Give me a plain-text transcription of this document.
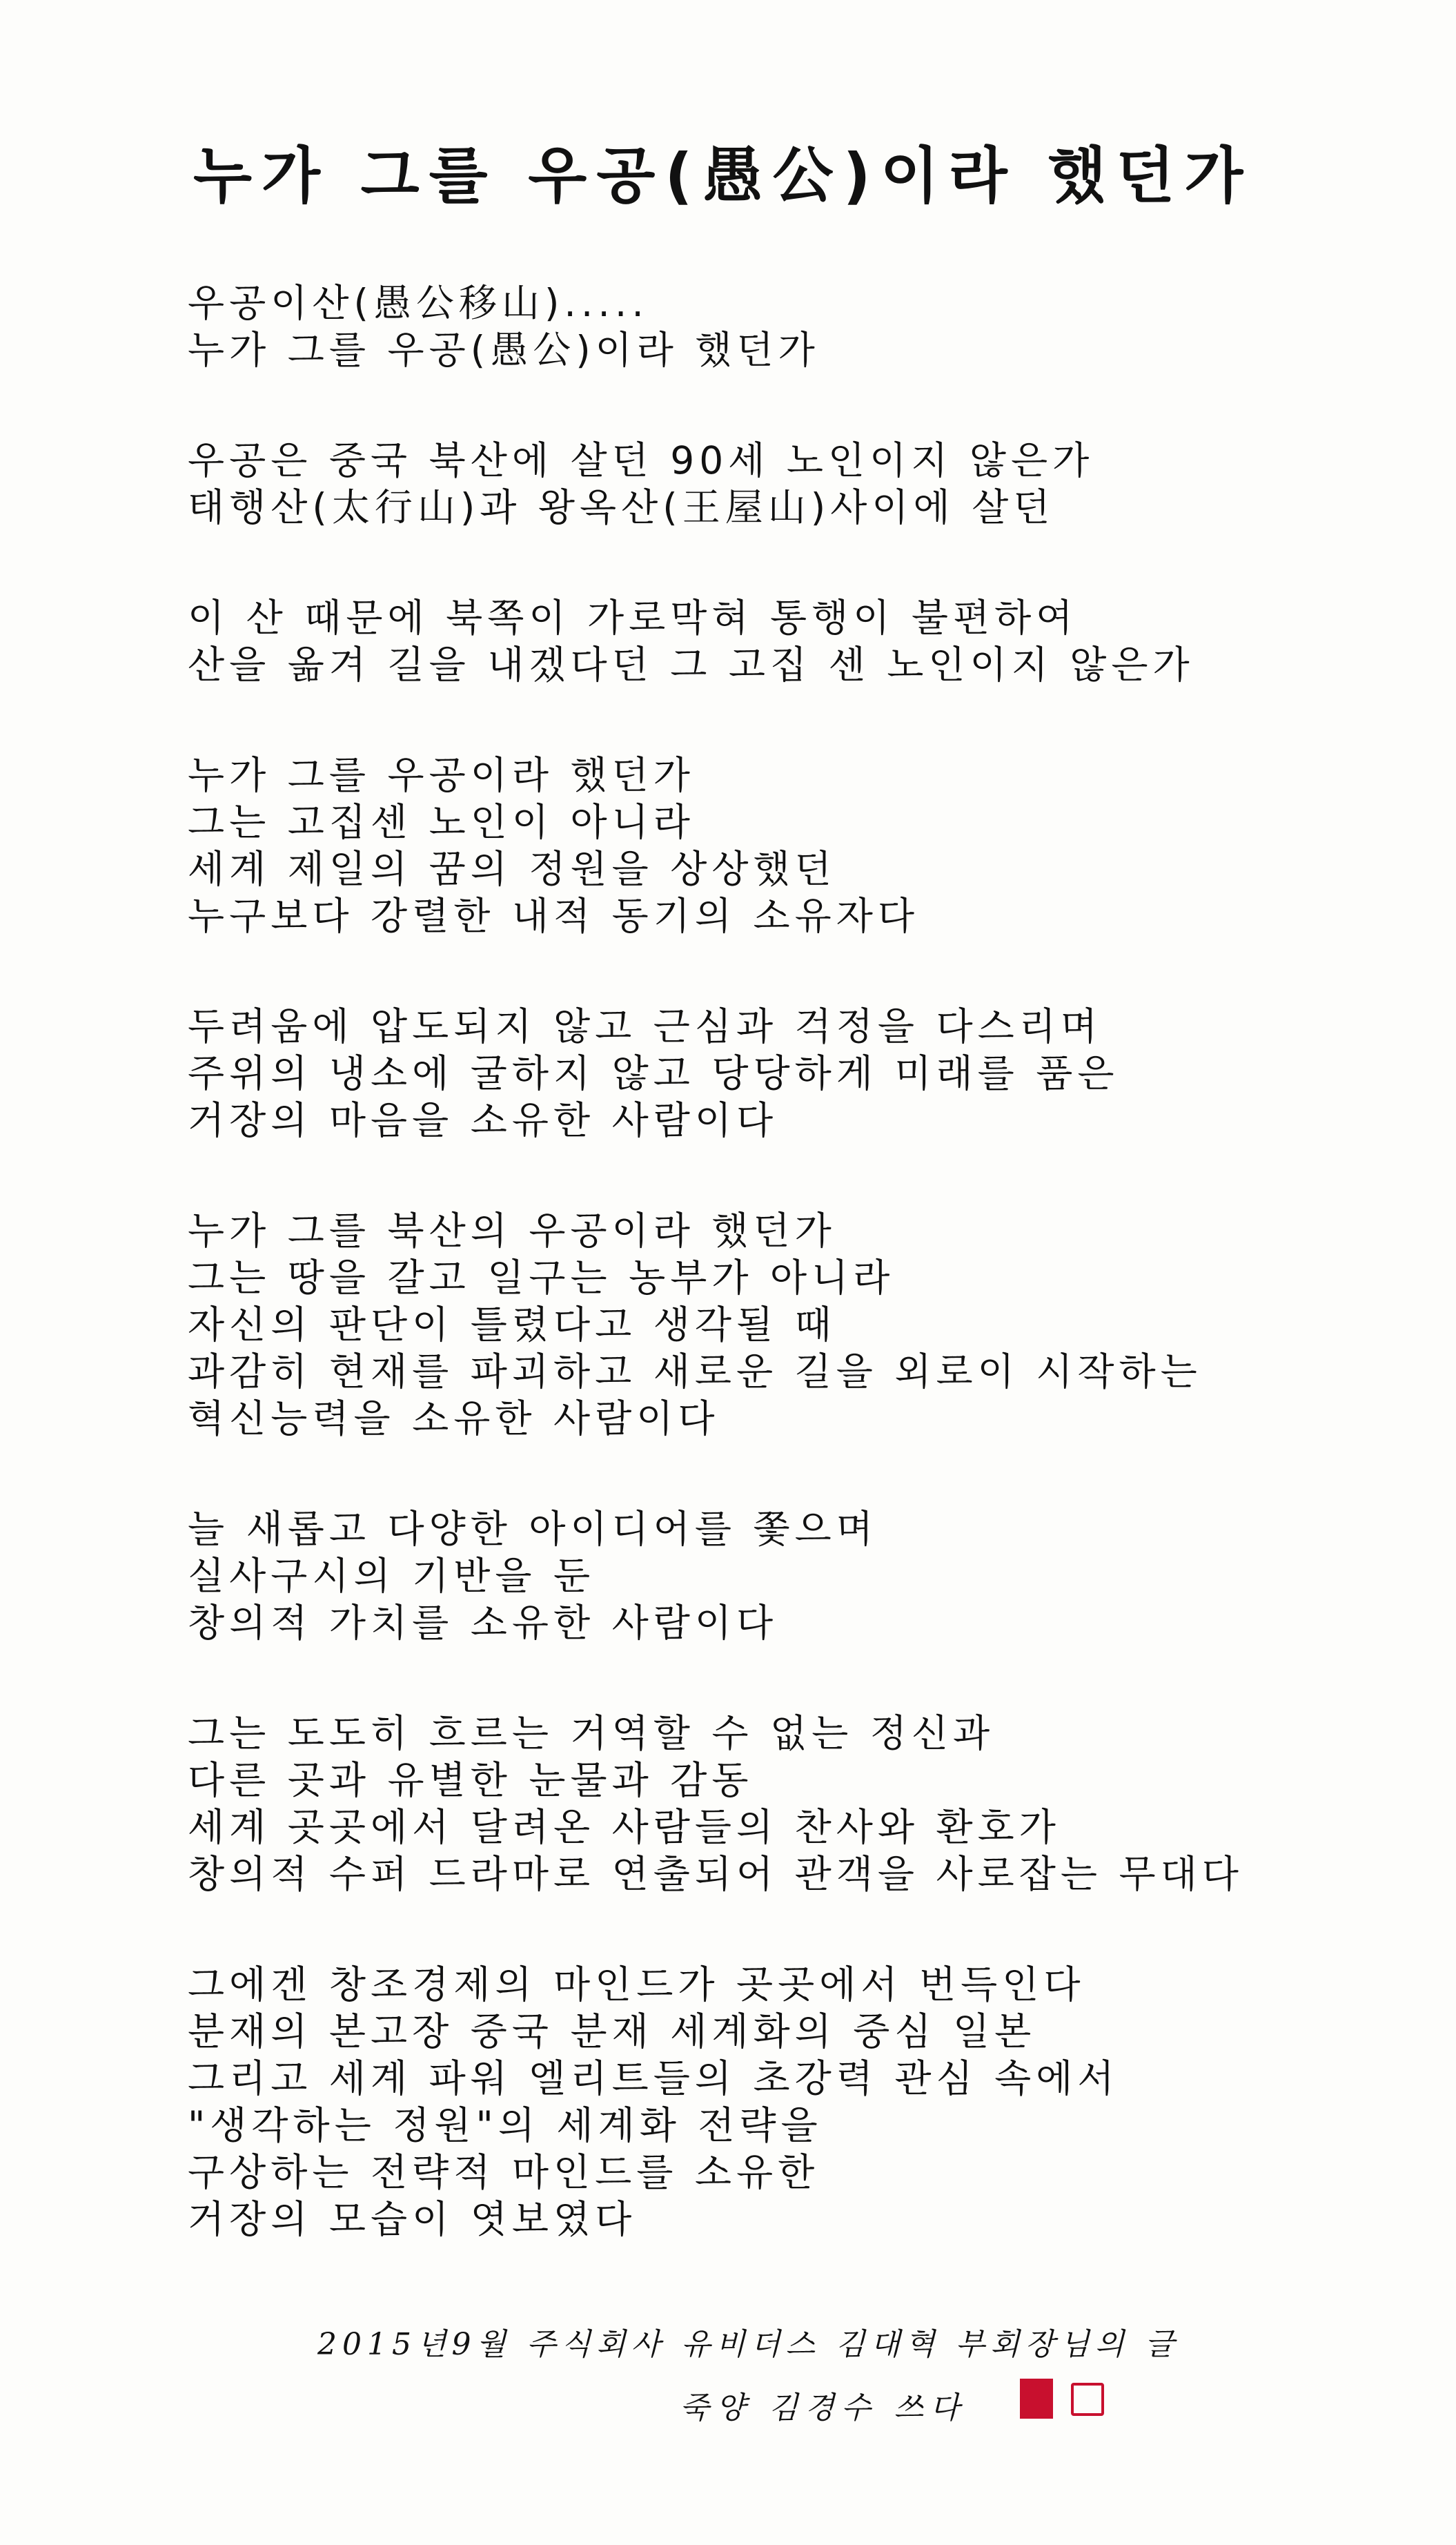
누가 그를 우공(愚公)이라 했던가
우공이산(愚公移山).....
누가 그를 우공(愚公)이라 했던가
우공은 중국 북산에 살던 90세 노인이지 않은가
태행산(太行山)과 왕옥산(王屋山)사이에 살던
이 산 때문에 북쪽이 가로막혀 통행이 불편하여
산을 옮겨 길을 내겠다던 그 고집 센 노인이지 않은가
누가 그를 우공이라 했던가
그는 고집센 노인이 아니라
세계 제일의 꿈의 정원을 상상했던
누구보다 강렬한 내적 동기의 소유자다
두려움에 압도되지 않고 근심과 걱정을 다스리며
주위의 냉소에 굴하지 않고 당당하게 미래를 품은
거장의 마음을 소유한 사람이다
누가 그를 북산의 우공이라 했던가
그는 땅을 갈고 일구는 농부가 아니라
자신의 판단이 틀렸다고 생각될 때
과감히 현재를 파괴하고 새로운 길을 외로이 시작하는
혁신능력을 소유한 사람이다
늘 새롭고 다양한 아이디어를 쫓으며
실사구시의 기반을 둔
창의적 가치를 소유한 사람이다
그는 도도히 흐르는 거역할 수 없는 정신과
다른 곳과 유별한 눈물과 감동
세계 곳곳에서 달려온 사람들의 찬사와 환호가
창의적 수퍼 드라마로 연출되어 관객을 사로잡는 무대다
그에겐 창조경제의 마인드가 곳곳에서 번득인다
분재의 본고장 중국 분재 세계화의 중심 일본
그리고 세계 파워 엘리트들의 초강력 관심 속에서
"생각하는 정원"의 세계화 전략을
구상하는 전략적 마인드를 소유한
거장의 모습이 엿보였다
2015년9월 주식회사 유비더스 김대혁 부회장님의 글
죽양 김경수 쓰다
